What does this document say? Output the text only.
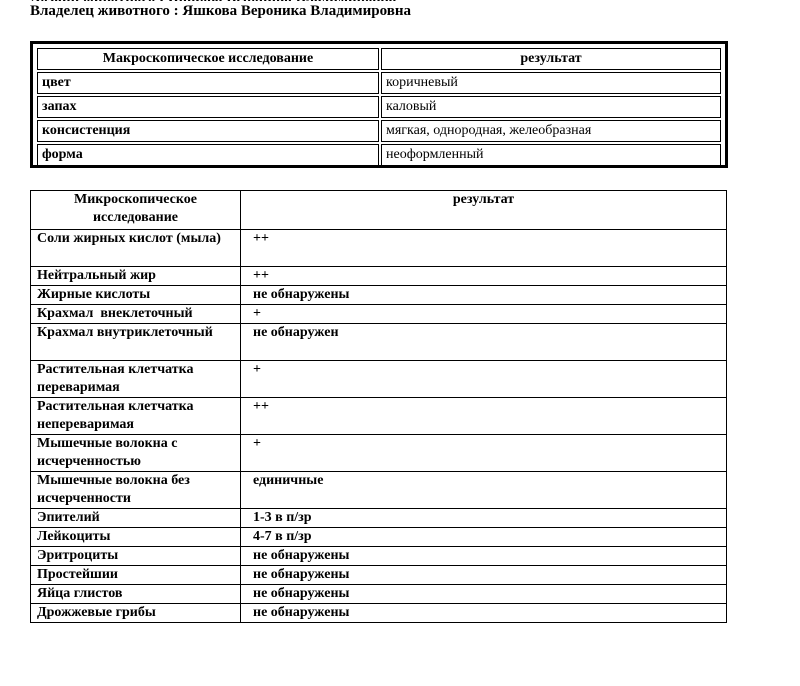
Владелец животного : Яшкова Вероника Владимировна
Макроскопическое исследование	результат
цвет	коричневый
запах	каловый
консистенция	мягкая, однородная, желеобразная
форма	неоформленный
Микроскопическое исследование	результат
Соли жирных кислот (мыла)	++
Нейтральный жир	++
Жирные кислоты	не обнаружены
Крахмал  внеклеточный	+
Крахмал внутриклеточный	не обнаружен
Растительная клетчатка переваримая	+
Растительная клетчатка непереваримая	++
Мышечные волокна с исчерченностью	+
Мышечные волокна без исчерченности	единичные
Эпителий	1-3 в п/зр
Лейкоциты	4-7 в п/зр
Эритроциты	не обнаружены
Простейшии	не обнаружены
Яйца глистов	не обнаружены
Дрожжевые грибы	не обнаружены
